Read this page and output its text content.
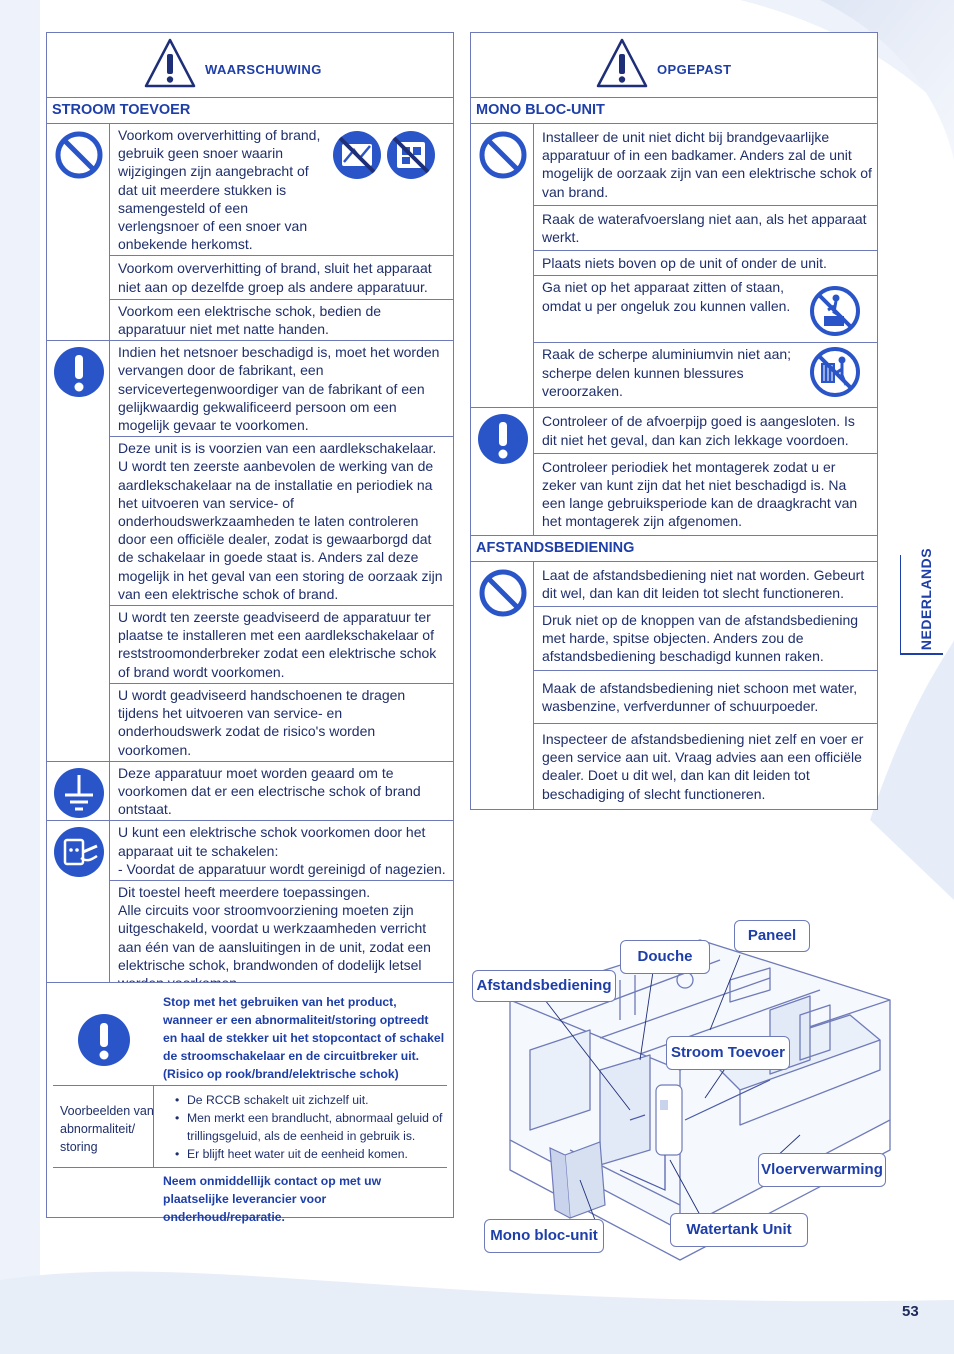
WAARSCHUWING
STROOM TOEVOER
Voorkom oververhitting of brand, gebruik geen snoer waarin wijzigingen zijn aangebracht of dat uit meerdere stukken is samengesteld of een verlengsnoer of een snoer van onbekende herkomst.
Voorkom oververhitting of brand, sluit het apparaat niet aan op dezelfde groep als andere apparatuur.
Voorkom een elektrische schok, bedien de apparatuur niet met natte handen.
Indien het netsnoer beschadigd is, moet het worden vervangen door de fabrikant, een servicevertegenwoordiger van de fabrikant of een gelijkwaardig gekwalificeerd persoon om een mogelijk gevaar te voorkomen.
Deze unit is is voorzien van een aardlekschakelaar. U wordt ten zeerste aanbevolen de werking van de aardlekschakelaar na de installatie en periodiek na het uitvoeren van service- of onderhoudswerkzaamheden te laten controleren door een officiële dealer, zodat is gewaarborgd dat de schakelaar in goede staat is. Anders zal deze mogelijk in het geval van een storing de oorzaak zijn van een elektrische schok of brand.
U wordt ten zeerste geadviseerd de apparatuur ter plaatse te installeren met een aardlekschakelaar of reststroomonderbreker zodat een elektrische schok of brand wordt voorkomen.
U wordt geadviseerd handschoenen te dragen tijdens het uitvoeren van service- en onderhoudswerk zodat de risico's worden voorkomen.
Deze apparatuur moet worden geaard om te voorkomen dat er een electrische schok of brand ontstaat.
U kunt een elektrische schok voorkomen door het apparaat uit te schakelen:
- Voordat de apparatuur wordt gereinigd of nagezien.
Dit toestel heeft meerdere toepassingen.
Alle circuits voor stroomvoorziening moeten zijn uitgeschakeld, voordat u werkzaamheden verricht aan één van de aansluitingen in de unit, zodat een elektrische schok, brandwonden of dodelijk letsel
OPGEPAST
MONO BLOC-UNIT
Installeer de unit niet dicht bij brandgevaarlijke apparatuur of in een badkamer. Anders zal de unit mogelijk de oorzaak zijn van een elektrische schok of van brand.
Raak de waterafvoerslang niet aan, als het apparaat werkt.
Plaats niets boven op de unit of onder de unit.
Ga niet op het apparaat zitten of staan, omdat u per ongeluk zou kunnen vallen.
Raak de scherpe aluminiumvin niet aan; scherpe delen kunnen blessures veroorzaken.
Controleer of de afvoerpijp goed is aangesloten. Is dit niet het geval, dan kan zich lekkage voordoen.
Controleer periodiek het montagerek zodat u er zeker van kunt zijn dat het niet beschadigd is. Na een lange gebruiksperiode kan de draagkracht van het montagerek zijn afgenomen.
AFSTANDSBEDIENING
Laat de afstandsbediening niet nat worden. Gebeurt dit wel, dan kan dit leiden tot slecht functioneren.
Druk niet op de knoppen van de afstandsbediening met harde, spitse objecten. Anders zou de afstandsbediening beschadigd kunnen raken.
Maak de afstandsbediening niet schoon met water, wasbenzine, verfverdunner of schuurpoeder.
Inspecteer de afstandsbediening niet zelf en voer er geen service aan uit. Vraag advies aan een officiële dealer. Doet u dit wel, dan kan dit leiden tot beschadiging of slecht functioneren.
Stop met het gebruiken van het product, wanneer er een abnormaliteit/storing optreedt en haal de stekker uit het stopcontact of schakel de stroomschakelaar en de circuitbreker uit. (Risico op rook/brand/elektrische schok)
Voorbeelden van abnormaliteit/ storing
• De RCCB schakelt uit zichzelf uit.
• Men merkt een brandlucht, abnormaal geluid of trillingsgeluid, als de eenheid in gebruik is.
• Er blijft heet water uit de eenheid komen.
Neem onmiddellijk contact op met uw plaatselijke leverancier voor onderhoud/reparatie.
NEDERLANDS
Paneel
Douche
Afstandsbediening
Stroom Toevoer
Vloerverwarming
Mono bloc-unit	Watertank Unit
53
